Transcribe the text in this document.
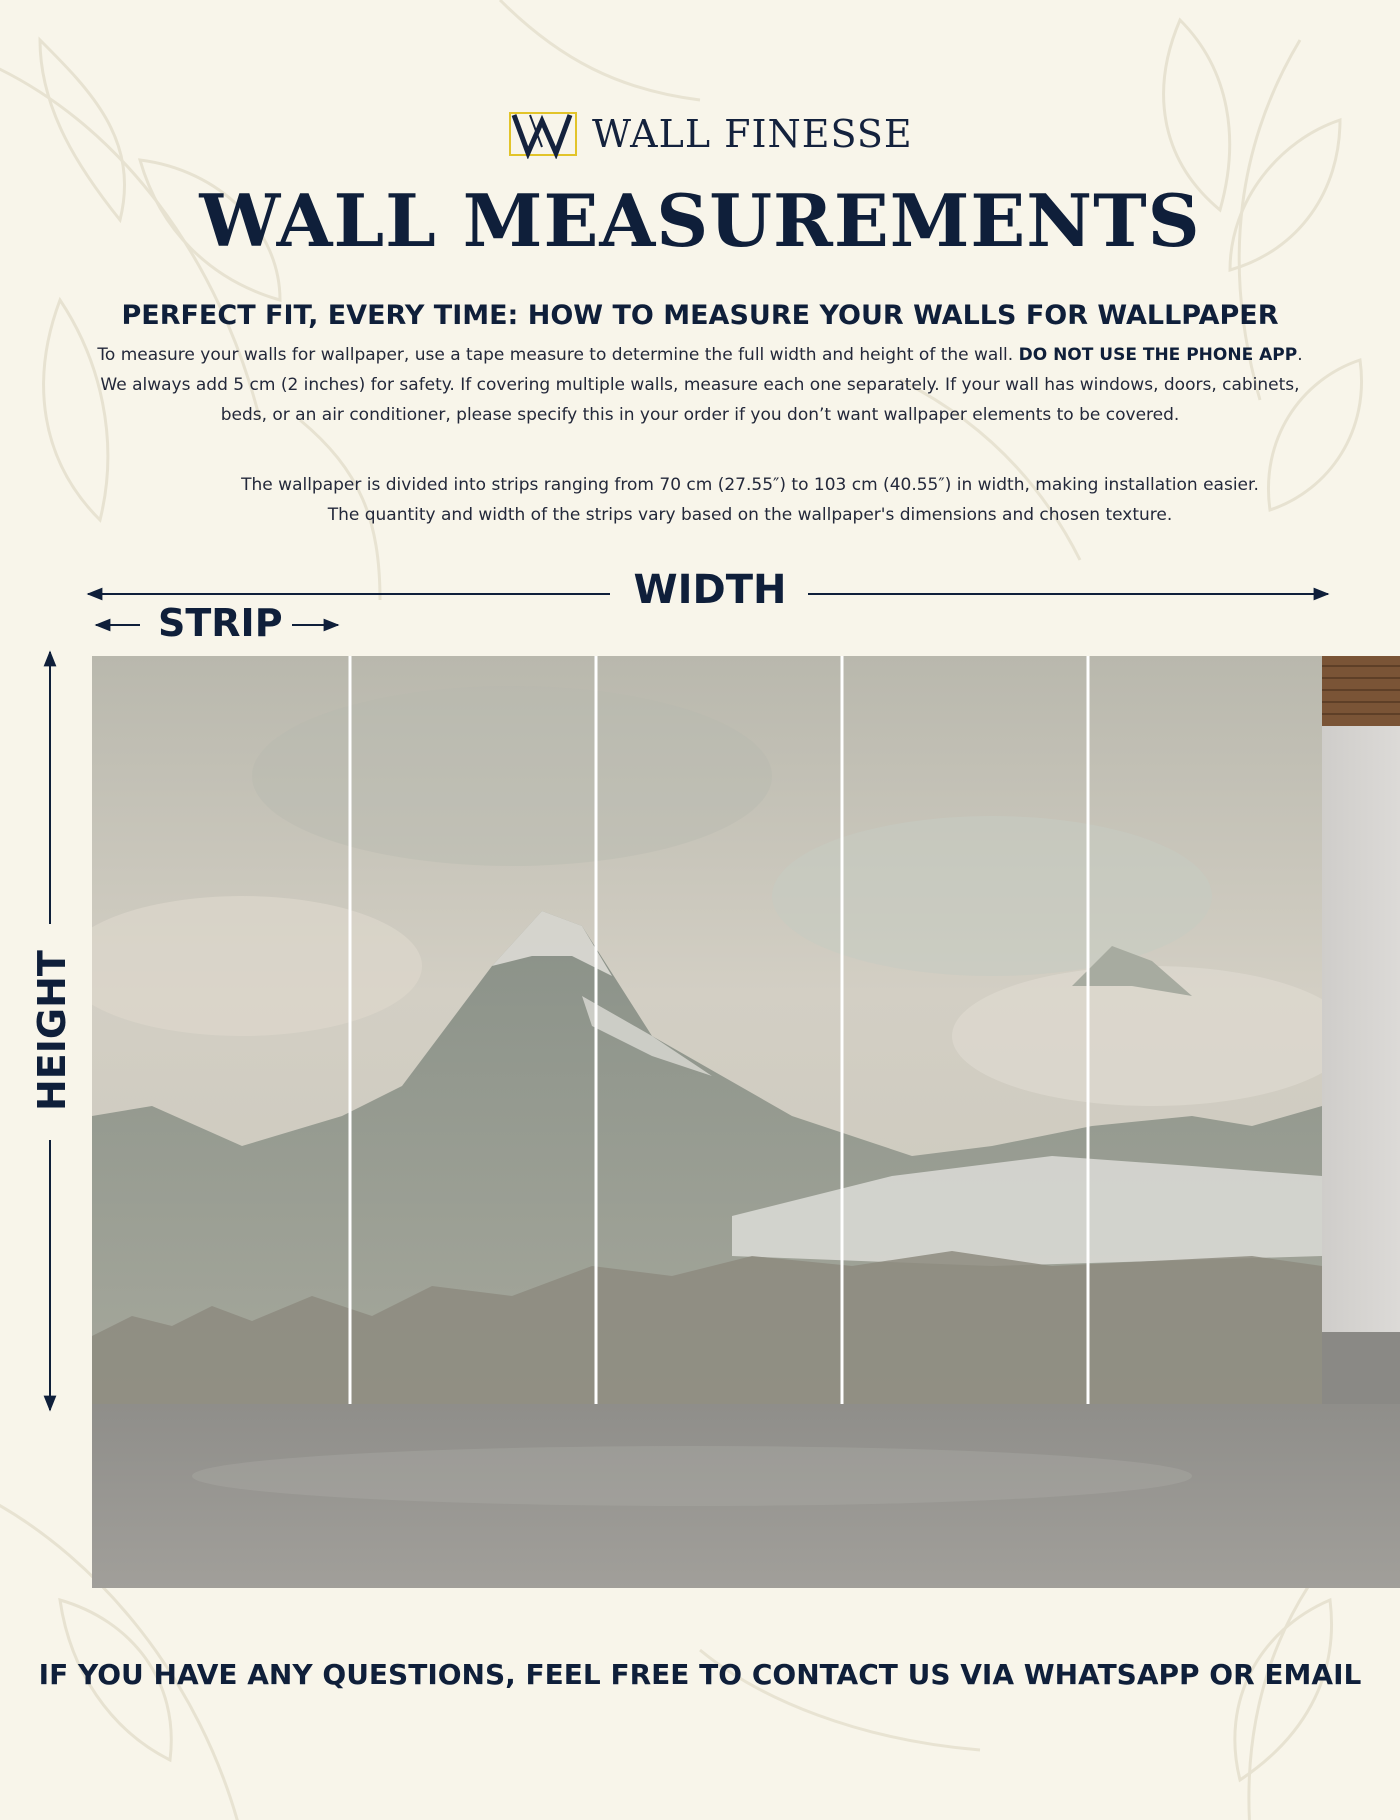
WALL FINESSE
WALL MEASUREMENTS
PERFECT FIT, EVERY TIME: HOW TO MEASURE YOUR WALLS FOR WALLPAPER
To measure your walls for wallpaper, use a tape measure to determine the full width and height of the wall. DO NOT USE THE PHONE APP.
We always add 5 cm (2 inches) for safety. If covering multiple walls, measure each one separately. If your wall has windows, doors, cabinets, beds, or an air conditioner, please specify this in your order if you don’t want wallpaper elements to be covered.
The wallpaper is divided into strips ranging from 70 cm (27.55″) to 103 cm (40.55″) in width, making installation easier.
The quantity and width of the strips vary based on the wallpaper's dimensions and chosen texture.
WIDTH
STRIP
HEIGHT
IF YOU HAVE ANY QUESTIONS, FEEL FREE TO CONTACT US VIA WHATSAPP OR EMAIL
